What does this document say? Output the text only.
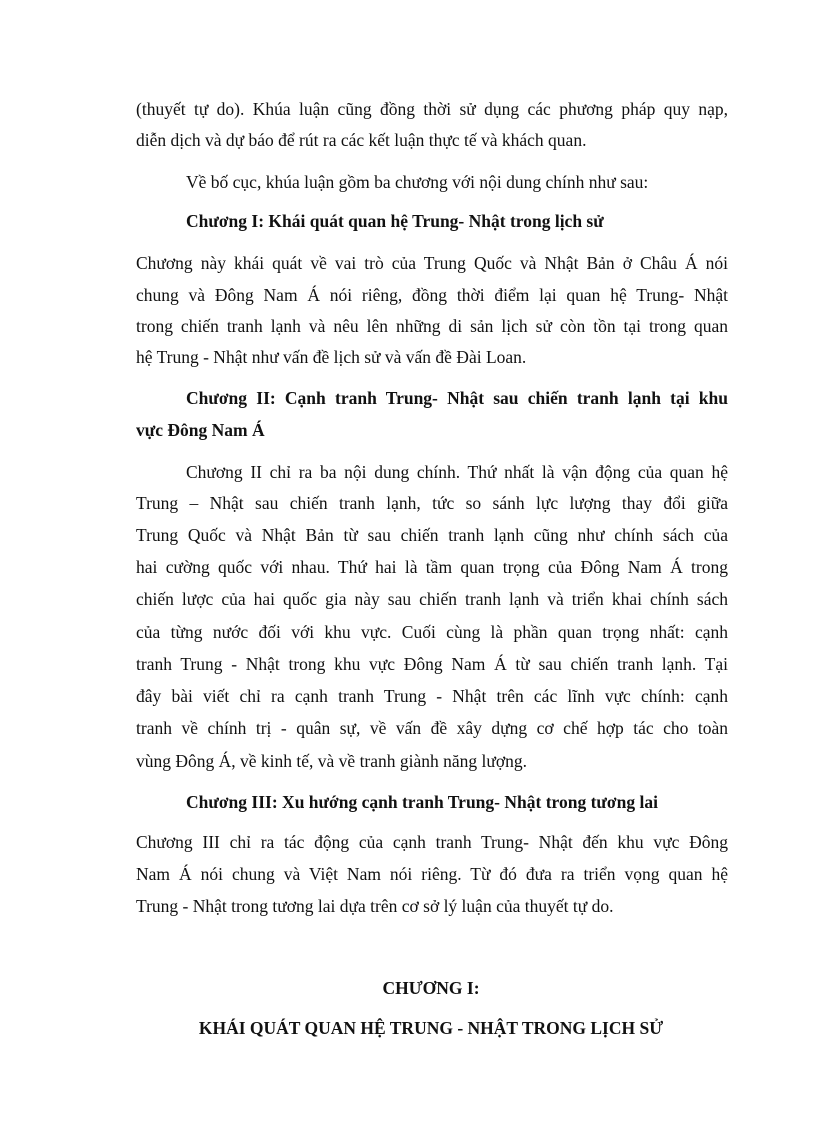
(thuyết tự do). Khúa luận cũng đồng thời sử dụng các phương pháp quy nạp,

diễn dịch và dự báo để rút ra các kết luận thực tế và khách quan.

Về bố cục, khúa luận gồm ba chương với nội dung chính như sau:

Chương I: Khái quát quan hệ Trung- Nhật trong lịch sử

Chương này khái quát về vai trò của Trung Quốc và Nhật Bản ở Châu Á nói

chung và Đông Nam Á nói riêng, đồng thời điểm lại quan hệ Trung- Nhật

trong chiến tranh lạnh và nêu lên những di sản lịch sử còn tồn tại trong quan

hệ Trung - Nhật như vấn đề lịch sử và vấn đề Đài Loan.

Chương II: Cạnh tranh Trung- Nhật sau chiến tranh lạnh tại khu

vực Đông Nam Á

Chương II chỉ ra ba nội dung chính. Thứ nhất là vận động của quan hệ

Trung – Nhật sau chiến tranh lạnh, tức so sánh lực lượng thay đổi giữa

Trung Quốc và Nhật Bản từ sau chiến tranh lạnh cũng như chính sách của

hai cường quốc với nhau. Thứ hai là tầm quan trọng của Đông Nam Á trong

chiến lược của hai quốc gia này sau chiến tranh lạnh và triển khai chính sách

của từng nước đối với khu vực. Cuối cùng là phần quan trọng nhất: cạnh

tranh Trung - Nhật trong khu vực Đông Nam Á từ sau chiến tranh lạnh. Tại

đây bài viết chỉ ra cạnh tranh Trung - Nhật trên các lĩnh vực chính: cạnh

tranh về chính trị - quân sự, về vấn đề xây dựng cơ chế hợp tác cho toàn

vùng Đông Á, về kinh tế, và về tranh giành năng lượng.

Chương III: Xu hướng cạnh tranh Trung- Nhật trong tương lai

Chương III chỉ ra tác động của cạnh tranh Trung- Nhật đến khu vực Đông

Nam Á nói chung và Việt Nam nói riêng. Từ đó đưa ra triển vọng quan hệ

Trung - Nhật trong tương lai dựa trên cơ sở lý luận của thuyết tự do.

CHƯƠNG I:

KHÁI QUÁT QUAN HỆ TRUNG - NHẬT TRONG LỊCH SỬ
